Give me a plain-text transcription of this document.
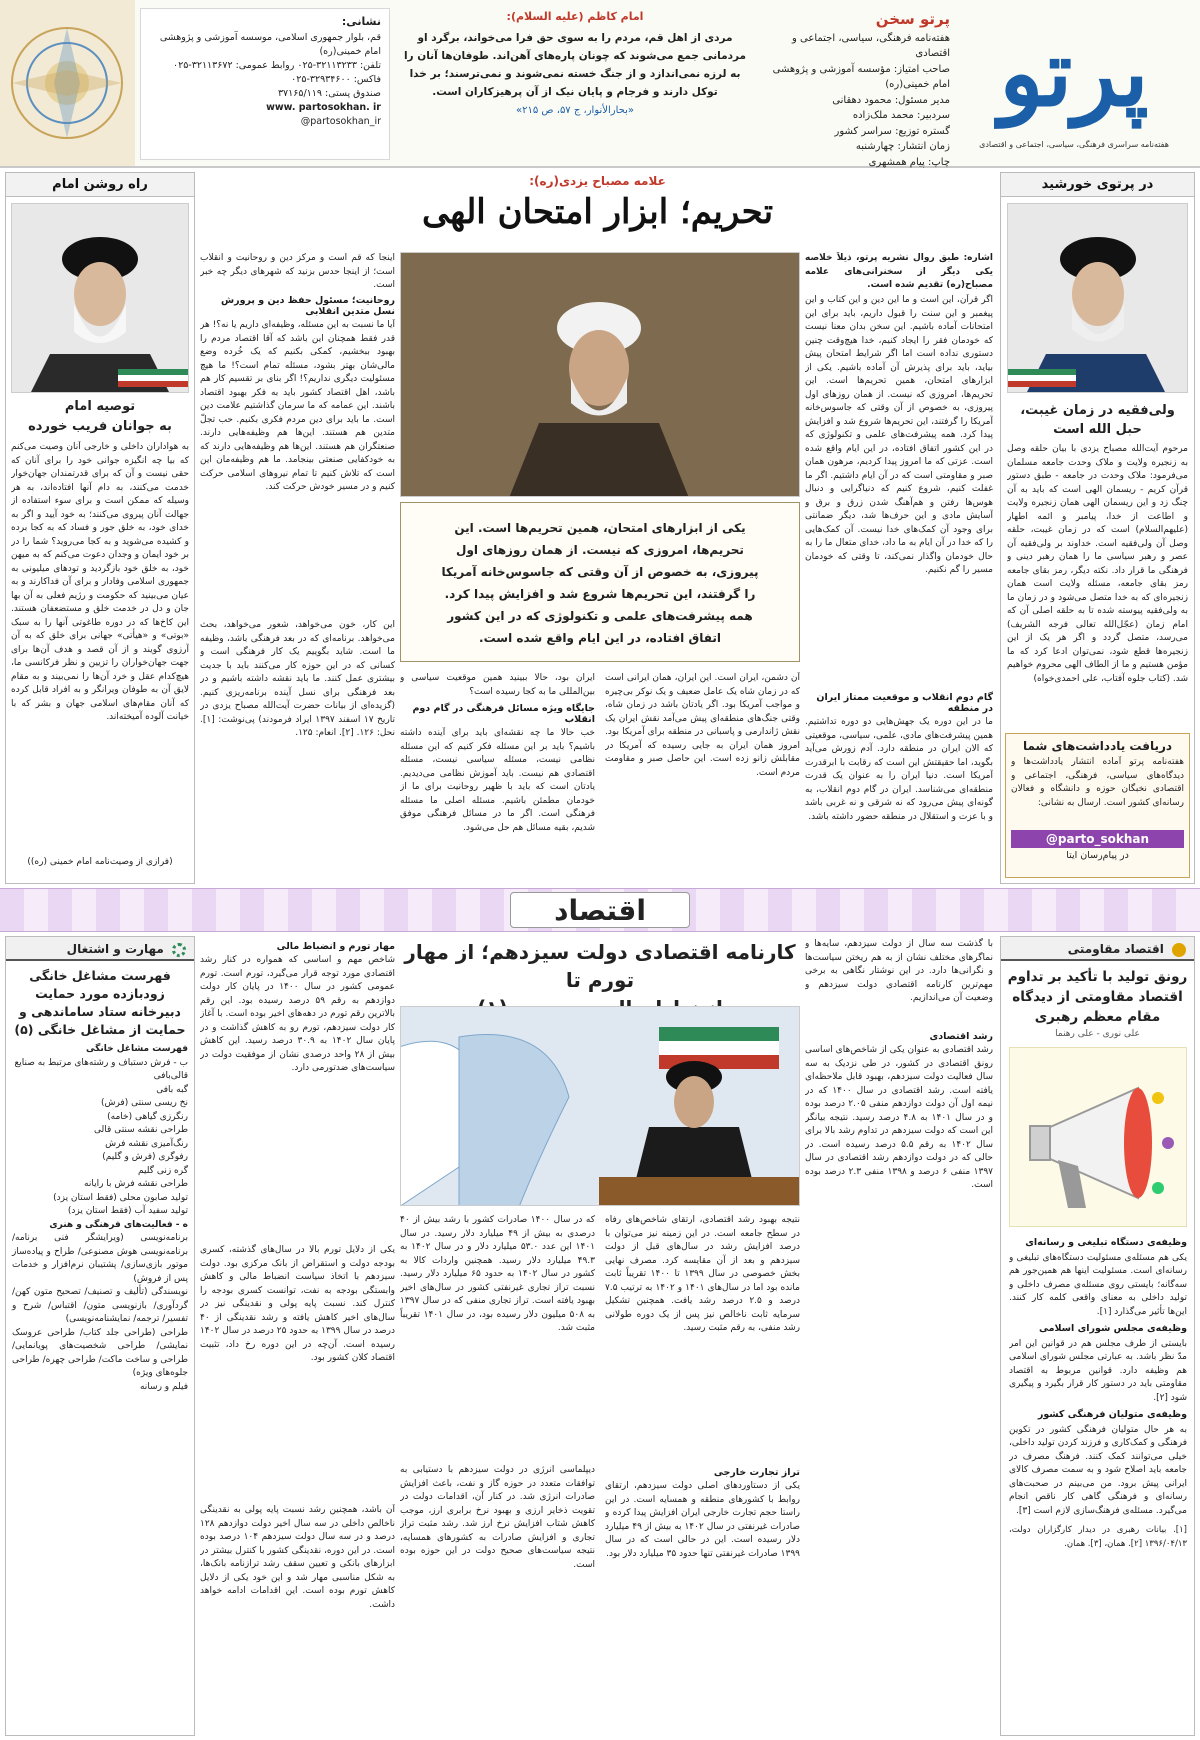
نشانی:
قم، بلوار جمهوری اسلامی، موسسه آموزشی و پژوهشی امام خمینی(ره)
تلفن: ۳۲۱۱۳۲۳۳-۰۲۵ روابط عمومی: ۳۲۱۱۳۶۷۲-۰۲۵
فاکس: ۳۲۹۳۴۶۰۰-۰۲۵
صندوق پستی: ۳۷۱۶۵/۱۱۹
www. partosokhan. ir
@partosokhan_ir
امام کاظم (علیه السلام):
مردی از اهل قم، مردم را به سوی حق فرا می‌خواند، برگرد او مردمانی جمع می‌شوند که چونان پاره‌های آهن‌اند. طوفان‌ها آنان را به لرزه نمی‌اندازد و از جنگ خسته نمی‌شوند و نمی‌ترسند؛ بر خدا توکل دارند و فرجام و پایان نیک از آن پرهیزکاران است.
«بحارالأنوار، ج ۵۷، ص ۲۱۵»
پرتو سخن
هفته‌نامه فرهنگی، سیاسی، اجتماعی و اقتصادی
صاحب امتیاز: مؤسسه آموزشی و پژوهشی امام خمینی(ره)
مدیر مسئول: محمود دهقانی
سردبیر: محمد ملک‌زاده
گستره توزیع: سراسر کشور
زمان انتشار: چهارشنبه
چاپ: پیام همشهری
پرتو
هفته‌نامه سراسری فرهنگی، سیاسی، اجتماعی و اقتصادی
در پرتوی خورشید
ولی‌فقیه در زمان غیبت، حبل الله است
مرحوم آیت‌الله مصباح یزدی با بیان حلقه وصل به زنجیره ولایت و ملاک وحدت جامعه مسلمان می‌فرمود: ملاک وحدت در جامعه - طبق دستور قرآن کریم - ریسمان الهی است که باید به آن چنگ زد و این ریسمان الهی همان زنجیره ولایت و اطاعت از خدا، پیامبر و ائمه اطهار (علیهم‌السلام) است که در زمان غیبت، حلقه وصل آن ولی‌فقیه است. خداوند بر ولی‌فقیه آن عصر و رهبر سیاسی ما را همان رهبر دینی و فرهنگی ما قرار داد. نکته دیگر، رمز بقای جامعه رمز بقای جامعه، مسئله ولایت است همان زنجیره‌ای که به خدا متصل می‌شود و در زمان ما به ولی‌فقیه پیوسته شده تا به حلقه اصلی آن که امام زمان (عجّل‌الله تعالی فرجه الشریف) می‌رسد، متصل گردد و اگر هر یک از این زنجیره‌ها قطع شود، نمی‌توان ادعا کرد که ما مؤمن هستیم و ما از الطاف الهی محروم خواهیم شد. (کتاب جلوه آفتاب، علی احمدی‌خواه)
دریافت یادداشت‌های شما
هفته‌نامه پرتو آماده انتشار یادداشت‌ها و دیدگاه‌های سیاسی، فرهنگی، اجتماعی و اقتصادی نخبگان حوزه و دانشگاه و فعالان رسانه‌ای کشور است. ارسال به نشانی:
@parto_sokhan
در پیام‌رسان ایتا
راه روشن امام
توصیه امام
به جوانان فریب خورده
به هواداران داخلی و خارجی آنان وصیت می‌کنم که بیا چه انگیزه جوانی خود را برای آنان که حقی نیست و آن که برای قدرتمندان جهان‌خوار خدمت می‌کنند، به دام آنها افتاده‌اند، به هر وسیله که ممکن است و برای سوء استفاده از جهالت آنان پیروی می‌کنند؛ به خود آیید و اگر به خدای خود، به خلق جور و فساد که به کجا برده و کشیده می‌شوید و به کجا می‌روید؟ شما را در بر خود ایمان و وجدان دعوت می‌کنم که به میهن خود، به خلق خود بازگردید و تودهای میلیونی به جمهوری اسلامی وفادار و برای آن فداکارند و به عیان می‌بینید که حکومت و رژیم فعلی به آن بها جان و دل در خدمت خلق و مستضعفان هستند. این کاخ‌ها که در دوره طاغوتی آنها را به سبک «بوتی» و «هیأتی» جهانی برای خلق که به آن آرزوی گویند و از آن قصد و هدف آن‌ها برای جهت جهان‌خواران را تزیین و نظر فرکانسی ما، هیچ‌کدام عقل و خرد آن‌ها را نمی‌بیند و به مقام لایق آن به طوفان ویرانگر و به افراد قابل کرده که آنان مقام‌های اسلامی جهان و بشر که با خیانت آلوده آمیخته‌اند.
(فرازی از وصیت‌نامه امام خمینی (ره))
علامه مصباح یزدی(ره):
تحریم؛ ابزار امتحان الهی
اشاره: طبق روال نشریه پرتو، ذیلاً خلاصه یکی دیگر از سخنرانی‌های علامه مصباح(ره) تقدیم شده است.
اگر قرآن، این است و ما این دین و این کتاب و این پیغمبر و این سنت را قبول داریم، باید برای این امتحانات آماده باشیم. این سخن بدان معنا نیست که خودمان فقر را ایجاد کنیم، خدا هیچ‌وقت چنین دستوری نداده است اما اگر شرایط امتحان پیش بیاید، باید برای پذیرش آن آماده باشیم. یکی از ابزارهای امتحان، همین تحریم‌ها است. این تحریم‌ها، امروزی که نیست. از همان روزهای اول پیروزی، به خصوص از آن وقتی که جاسوس‌خانه آمریکا را گرفتند، این تحریم‌ها شروع شد و افزایش پیدا کرد. همه پیشرفت‌های علمی و تکنولوژی که در این کشور اتفاق افتاده، در این ایام واقع شده است. عزتی که ما امروز پیدا کردیم، مرهون همان صبر و مقاومتی است که در آن ایام داشتیم. اگر ما غفلت کنیم، شروع کنیم که دنیاگرایی و دنبال هوس‌ها رفتن و هم‌آهنگ شدن زرق و برق و آسایش مادی و این حرف‌ها شد، دیگر ضمانتی برای وجود آن کمک‌های خدا نیست. آن کمک‌هایی را که خدا در آن ایام به ما داد، خدای متعال ما را به حال خودمان واگذار نمی‌کند، تا وقتی که خودمان مسیر را گم نکنیم.
گام دوم انقلاب و موقعیت ممتاز ایران در منطقه
ما در این دوره یک جهش‌هایی دو دوره تداشتیم. همین پیشرفت‌های مادی، علمی، سیاسی، موقعیتی که الان ایران در منطقه دارد. آدم زورش می‌آید بگوید، اما حقیقتش این است که رقابت با ابرقدرت آمریکا است. دنیا ایران را به عنوان یک قدرت منطقه‌ای می‌شناسد. ایران در گام دوم انقلاب، به گونه‌ای پیش می‌رود که نه شرقی و نه غربی باشد و با عزت و استقلال در منطقه حضور داشته باشد.
آن دشمن، ایران است. این ایران، همان ایرانی است که در زمان شاه یک عامل ضعیف و یک نوکر بی‌چیره و مواجب آمریکا بود. اگر یادتان باشد در زمان شاه، وقتی جنگ‌های منطقه‌ای پیش می‌آمد نقش ایران یک نقش ژاندارمی و پاسبانی در منطقه برای آمریکا بود. امروز همان ایران به جایی رسیده که آمریکا در مقابلش زانو زده است. این حاصل صبر و مقاومت مردم است.
یکی از ابزارهای امتحان، همین تحریم‌ها است. این تحریم‌ها، امروزی که نیست. از همان روزهای اول پیروزی، به خصوص از آن وقتی که جاسوس‌خانه آمریکا را گرفتند، این تحریم‌ها شروع شد و افزایش پیدا کرد. همه پیشرفت‌های علمی و تکنولوژی که در این کشور اتفاق افتاده، در این ایام واقع شده است.
ایران بود، حالا ببینید همین موقعیت سیاسی و بین‌المللی ما به کجا رسیده است؟
جایگاه ویژه مسائل فرهنگی در گام دوم انقلاب
خب حالا ما چه نقشه‌ای باید برای آینده داشته باشیم؟ باید بر این مسئله فکر کنیم که این مسئله نظامی نیست، مسئله سیاسی نیست، مسئله اقتصادی هم نیست. باید آموزش نظامی می‌دیدیم. یادتان است که باید با ظهیر روحانیت برای ما از خودمان مطمئن باشیم. مسئله اصلی ما مسئله فرهنگی است. اگر ما در مسائل فرهنگی موفق شدیم، بقیه مسائل هم حل می‌شود.
اینجا که قم است و مرکز دین و روحانیت و انقلاب است؛ از اینجا حدس بزنید که شهرهای دیگر چه خبر است.
روحانیت؛ مسئول حفظ دین و پرورش نسل متدین انقلابی
آیا ما نسبت به این مسئله، وظیفه‌ای داریم یا نه؟! هر قدر فقط همچنان این باشد که آقا اقتصاد مردم را بهبود ببخشیم، کمکی بکنیم که یک خُرده وضع مالی‌شان بهتر بشود، مسئله تمام است؟! ما هیچ مسئولیت دیگری نداریم؟! اگر بنای بر تقسیم کار هم باشد، اهل اقتصاد کشور باید به فکر بهبود اقتصاد باشند. این عمامه که ما سرمان گذاشتیم علامت دین است. ما باید برای دین مردم فکری بکنیم. حب تجلّ متدین هم هستند. این‌ها هم وظیفه‌هایی دارند. صنعتگران هم هستند. این‌ها هم وظیفه‌هایی دارند که به خودکفایی صنعتی بینجامد. ما هم وظیفه‌مان این است که تلاش کنیم تا تمام نیروهای اسلامی حرکت کنیم و در مسیر خودش حرکت کند.
این کار، خون می‌خواهد، شعور می‌خواهد، بحث می‌خواهد. برنامه‌ای که در بعد فرهنگی باشد، وظیفه ما است. شاید بگوییم یک کار فرهنگی است و کسانی که در این حوزه کار می‌کنند باید با جدیت بیشتری عمل کنند. ما باید نقشه داشته باشیم و در بعد فرهنگی برای نسل آینده برنامه‌ریزی کنیم. (گزیده‌ای از بیانات حضرت آیت‌الله مصباح یزدی در تاریخ ۱۷ اسفند ۱۳۹۷ ایراد فرمودند) پی‌نوشت: [۱]. نحل: ۱۲۶. [۲]. انعام: ۱۲۵.
اقتصاد
اقتصاد مقاومتی
رونق تولید با تأکید بر تداوم اقتصاد مقاومتی از دیدگاه مقام معظم رهبری
علی نوری - علی رهنما
وظیفه‌ی دستگاه تبلیغی و رسانه‌ای
یکی هم مسئله‌ی مسئولیت دستگاه‌های تبلیغی و رسانه‌ای است. مسئولیت اینها هم همین‌جور هم سه‌گانه؛ بایستی روی مسئله‌ی مصرف داخلی و تولید داخلی به معنای واقعی کلمه کار کنند. این‌ها تأثیر می‌گذارد [۱].
وظیفه‌ی مجلس شورای اسلامی
بایستی از طرف مجلس هم در قوانین این امر مدّ نظر باشد. به عبارتی مجلس شورای اسلامی هم وظیفه دارد. قوانین مربوط به اقتصاد مقاومتی باید در دستور کار قرار بگیرد و پیگیری شود [۲].
وظیفه‌ی متولیان فرهنگی کشور
به هر حال متولیان فرهنگی کشور در تکوین فرهنگی و کمک‌کاری و فرزند کردن تولید داخلی، خیلی می‌توانند کمک کنند. فرهنگ مصرف در جامعه باید اصلاح شود و به سمت مصرف کالای ایرانی پیش برود. من می‌بینم در صحبت‌های رسانه‌ای و فرهنگی گاهی کار ناقص انجام می‌گیرد. مسئله‌ی فرهنگ‌سازی لازم است [۳].
[۱]. بیانات رهبری در دیدار کارگزاران دولت، ۱۳۹۶/۰۴/۱۳ [۲]. همان، [۳]. همان.
کارنامه اقتصادی دولت سیزدهم؛ از مهار تورم تا
با گذشت سه سال از دولت سیزدهم، سایه‌ها و نماگرهای مختلف نشان از به هم ریختن سیاست‌ها و نگرانی‌ها دارد. در این نوشتار نگاهی به برخی مهم‌ترین کارنامه اقتصادی دولت سیزدهم و وضعیت آن می‌اندازیم.
رشد اقتصادی
رشد اقتصادی به عنوان یکی از شاخص‌های اساسی رونق اقتصادی در کشور، در طی نزدیک به سه سال فعالیت دولت سیزدهم، بهبود قابل ملاحظه‌ای یافته است. رشد اقتصادی در سال ۱۴۰۰ که در نیمه اول آن دولت دوازدهم منفی ۲.۰۵ درصد بوده و در سال ۱۴۰۱ به ۴.۸ درصد رسید. نتیجه بیانگر این است که دولت سیزدهم در تداوم رشد بالا برای سال ۱۴۰۲ به رقم ۵.۵ درصد رسیده است. در حالی که در دولت دوازدهم رشد اقتصادی در سال ۱۳۹۷ منفی ۶ درصد و ۱۳۹۸ منفی ۲.۳ درصد بوده است.
نتیجه بهبود رشد اقتصادی، ارتقای شاخص‌های رفاه در سطح جامعه است. در این زمینه نیز می‌توان با درصد افزایش رشد در سال‌های قبل از دولت سیزدهم و بعد از آن مقایسه کرد. مصرف نهایی بخش خصوصی در سال ۱۳۹۹ تا ۱۴۰۰ تقریباً ثابت مانده بود اما در سال‌های ۱۴۰۱ و ۱۴۰۲ به ترتیب ۷.۵ درصد و ۲.۵ درصد رشد یافت. همچنین تشکیل سرمایه ثابت ناخالص نیز پس از یک دوره طولانی رشد منفی، به رقم مثبت رسید.
تراز تجارت خارجی
یکی از دستاوردهای اصلی دولت سیزدهم، ارتقای روابط با کشورهای منطقه و همسایه است. در این راستا حجم تجارت خارجی ایران افزایش پیدا کرده و صادرات غیرنفتی در سال ۱۴۰۲ به بیش از ۴۹ میلیارد دلار رسیده است. این در حالی است که در سال ۱۳۹۹ صادرات غیرنفتی تنها حدود ۳۵ میلیارد دلار بود.
که در سال ۱۴۰۰ صادرات کشور با رشد بیش از ۴۰ درصدی به بیش از ۴۹ میلیارد دلار رسید. در سال ۱۴۰۱ این عدد ۵۳.۰ میلیارد دلار و در سال ۱۴۰۲ به ۴۹.۳ میلیارد دلار رسید. همچنین واردات کالا به کشور در سال ۱۴۰۲ به حدود ۶۵ میلیارد دلار رسید. نسبت تراز تجاری غیرنفتی کشور در سال‌های اخیر بهبود یافته است. تراز تجاری منفی که در سال ۱۳۹۷ به ۵۰۸ میلیون دلار رسیده بود، در سال ۱۴۰۱ تقریباً مثبت شد.
دیپلماسی انرژی در دولت سیزدهم با دستیابی به توافقات متعدد در حوزه گاز و نفت، باعث افزایش صادرات انرژی شد. در کنار آن، اقدامات دولت در تقویت ذخایر ارزی و بهبود نرخ برابری ارز، موجب کاهش شتاب افزایش نرخ ارز شد. رشد مثبت تراز تجاری و افزایش صادرات به کشورهای همسایه، نتیجه سیاست‌های صحیح دولت در این حوزه بوده است.
مهار تورم و انضباط مالی
شاخص مهم و اساسی که همواره در کنار رشد اقتصادی مورد توجه قرار می‌گیرد، تورم است. تورم عمومی کشور در سال ۱۴۰۰ در پایان کار دولت دوازدهم به رقم ۵۹ درصد رسیده بود. این رقم بالاترین رقم تورم در دهه‌های اخیر بوده است. با آغاز کار دولت سیزدهم، تورم رو به کاهش گذاشت و در پایان سال ۱۴۰۲ به ۳۰.۹ درصد رسید. این کاهش بیش از ۲۸ واحد درصدی نشان از موفقیت دولت در سیاست‌های ضدتورمی دارد.
یکی از دلایل تورم بالا در سال‌های گذشته، کسری بودجه دولت و استقراض از بانک مرکزی بود. دولت سیزدهم با اتخاذ سیاست انضباط مالی و کاهش وابستگی بودجه به نفت، توانست کسری بودجه را کنترل کند. نسبت پایه پولی و نقدینگی نیز در سال‌های اخیر کاهش یافته و رشد نقدینگی از ۴۰ درصد در سال ۱۳۹۹ به حدود ۲۵ درصد در سال ۱۴۰۲ رسیده است. آن‌چه در این دوره رخ داد، تثبیت اقتصاد کلان کشور بود.
آن باشد، همچنین رشد نسبت پایه پولی به نقدینگی ناخالص داخلی در سه سال اخیر دولت دوازدهم ۱۲۸ درصد و در سه سال دولت سیزدهم ۱۰۴ درصد بوده است. در این دوره، نقدینگی کشور با کنترل بیشتر در ابزارهای بانکی و تعیین سقف رشد ترازنامه بانک‌ها، به شکل مناسبی مهار شد و این خود یکی از دلایل کاهش تورم بوده است. این اقدامات ادامه خواهد داشت.
مهارت و اشتغال
فهرست مشاغل خانگی زودبازده مورد حمایت دبیرخانه ستاد ساماندهی و حمایت از مشاغل خانگی (۵)
فهرست مشاغل خانگی
ب - فرش دستباف و رشته‌های مرتبط به صنایع
قالی‌بافی
گبه بافی
نخ ریسی سنتی (فرش)
رنگرزی گیاهی (خامه)
طراحی نقشه سنتی قالی
رنگ‌آمیزی نقشه فرش
رفوگری (فرش و گلیم)
گره زنی گلیم
طراحی نقشه فرش با رایانه
تولید صابون محلی (فقط استان یزد)
تولید سفید آب (فقط استان یزد)
ه - فعالیت‌های فرهنگی و هنری
برنامه‌نویسی (ویرایشگر فنی برنامه/ برنامه‌نویسی هوش مصنوعی/ طراح و پیاده‌ساز موتور بازی‌سازی/ پشتیبان نرم‌افزار و خدمات پس از فروش)
نویسندگی (تألیف و تصنیف/ تصحیح متون کهن/ گردآوری/ بازنویسی متون/ اقتباس/ شرح و تفسیر/ ترجمه/ نمایشنامه‌نویسی)
طراحی (طراحی جلد کتاب/ طراحی عروسک‌ نمایشی/ طراحی شخصیت‌های پویانمایی/ طراحی و ساخت ماکت/ طراحی چهره/ طراحی جلوه‌های ویژه)
فیلم و رسانه
